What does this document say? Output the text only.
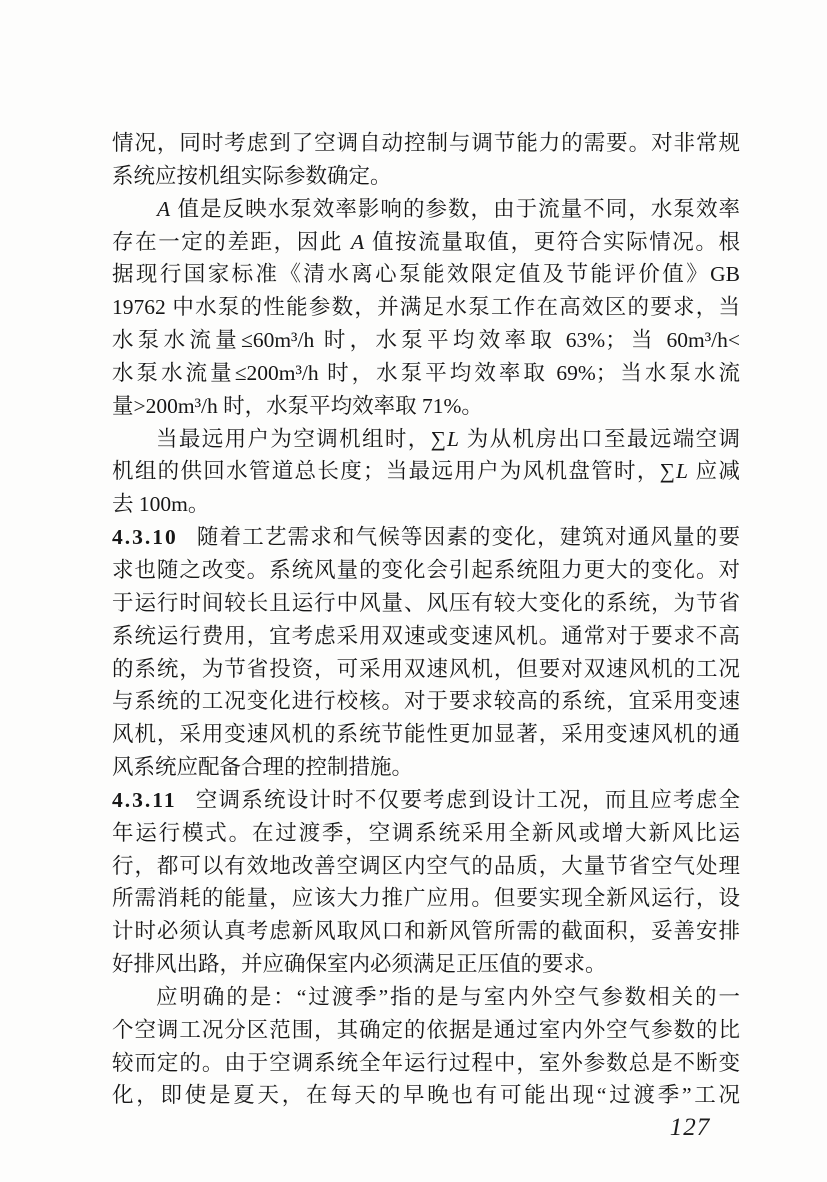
情况，同时考虑到了空调自动控制与调节能力的需要。对非常规
系统应按机组实际参数确定。
A 值是反映水泵效率影响的参数，由于流量不同，水泵效率
存在一定的差距，因此 A 值按流量取值，更符合实际情况。根
据现行国家标准《清水离心泵能效限定值及节能评价值》GB
19762 中水泵的性能参数，并满足水泵工作在高效区的要求，当
水泵水流量≤60m³/h 时，水泵平均效率取 63%；当 60m³/h<
水泵水流量≤200m³/h 时，水泵平均效率取 69%；当水泵水流
量>200m³/h 时，水泵平均效率取 71%。
当最远用户为空调机组时，∑L 为从机房出口至最远端空调
机组的供回水管道总长度；当最远用户为风机盘管时，∑L 应减
去 100m。
4.3.10 随着工艺需求和气候等因素的变化，建筑对通风量的要
求也随之改变。系统风量的变化会引起系统阻力更大的变化。对
于运行时间较长且运行中风量、风压有较大变化的系统，为节省
系统运行费用，宜考虑采用双速或变速风机。通常对于要求不高
的系统，为节省投资，可采用双速风机，但要对双速风机的工况
与系统的工况变化进行校核。对于要求较高的系统，宜采用变速
风机，采用变速风机的系统节能性更加显著，采用变速风机的通
风系统应配备合理的控制措施。
4.3.11 空调系统设计时不仅要考虑到设计工况，而且应考虑全
年运行模式。在过渡季，空调系统采用全新风或增大新风比运
行，都可以有效地改善空调区内空气的品质，大量节省空气处理
所需消耗的能量，应该大力推广应用。但要实现全新风运行，设
计时必须认真考虑新风取风口和新风管所需的截面积，妥善安排
好排风出路，并应确保室内必须满足正压值的要求。
应明确的是：“过渡季”指的是与室内外空气参数相关的一
个空调工况分区范围，其确定的依据是通过室内外空气参数的比
较而定的。由于空调系统全年运行过程中，室外参数总是不断变
化，即使是夏天，在每天的早晚也有可能出现“过渡季”工况
127
